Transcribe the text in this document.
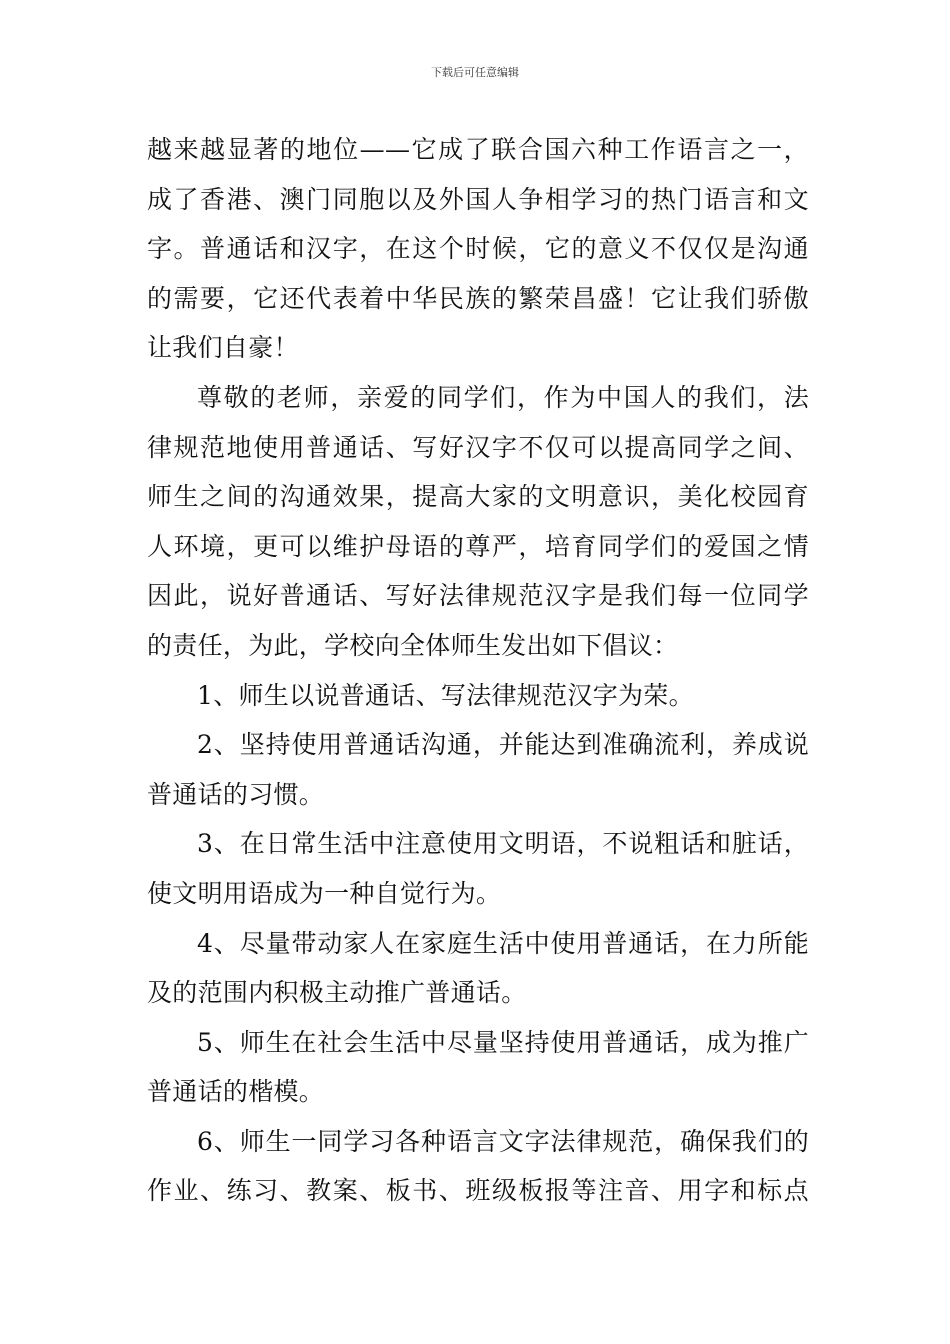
下载后可任意编辑
越来越显著的地位——它成了联合国六种工作语言之一，
成了香港、澳门同胞以及外国人争相学习的热门语言和文
字。普通话和汉字，在这个时候，它的意义不仅仅是沟通
的需要，它还代表着中华民族的繁荣昌盛！它让我们骄傲
让我们自豪！
尊敬的老师，亲爱的同学们，作为中国人的我们，法
律规范地使用普通话、写好汉字不仅可以提高同学之间、
师生之间的沟通效果，提高大家的文明意识，美化校园育
人环境，更可以维护母语的尊严，培育同学们的爱国之情
因此，说好普通话、写好法律规范汉字是我们每一位同学
的责任，为此，学校向全体师生发出如下倡议：
1、师生以说普通话、写法律规范汉字为荣。
2、坚持使用普通话沟通，并能达到准确流利，养成说
普通话的习惯。
3、在日常生活中注意使用文明语，不说粗话和脏话，
使文明用语成为一种自觉行为。
4、尽量带动家人在家庭生活中使用普通话，在力所能
及的范围内积极主动推广普通话。
5、师生在社会生活中尽量坚持使用普通话，成为推广
普通话的楷模。
6、师生一同学习各种语言文字法律规范，确保我们的
作业、练习、教案、板书、班级板报等注音、用字和标点
